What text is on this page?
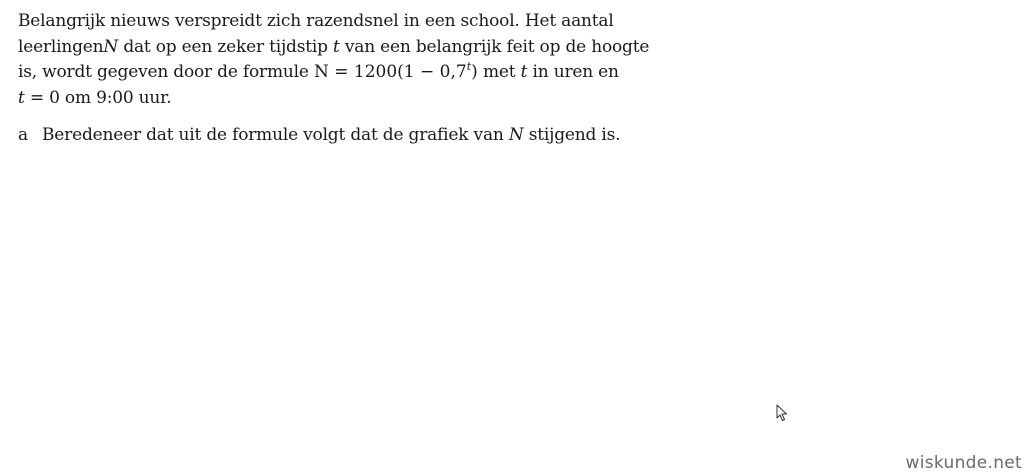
Belangrijk nieuws verspreidt zich razendsnel in een school. Het aantal
leerlingenN dat op een zeker tijdstip t van een belangrijk feit op de hoogte
is, wordt gegeven door de formule $N = 1200(1 - 0,7^t)$ met t in uren en
t = 0 om 9:00 uur.

a Beredeneer dat uit de formule volgt dat de grafiek van N stijgend is.
wiskunde.net
